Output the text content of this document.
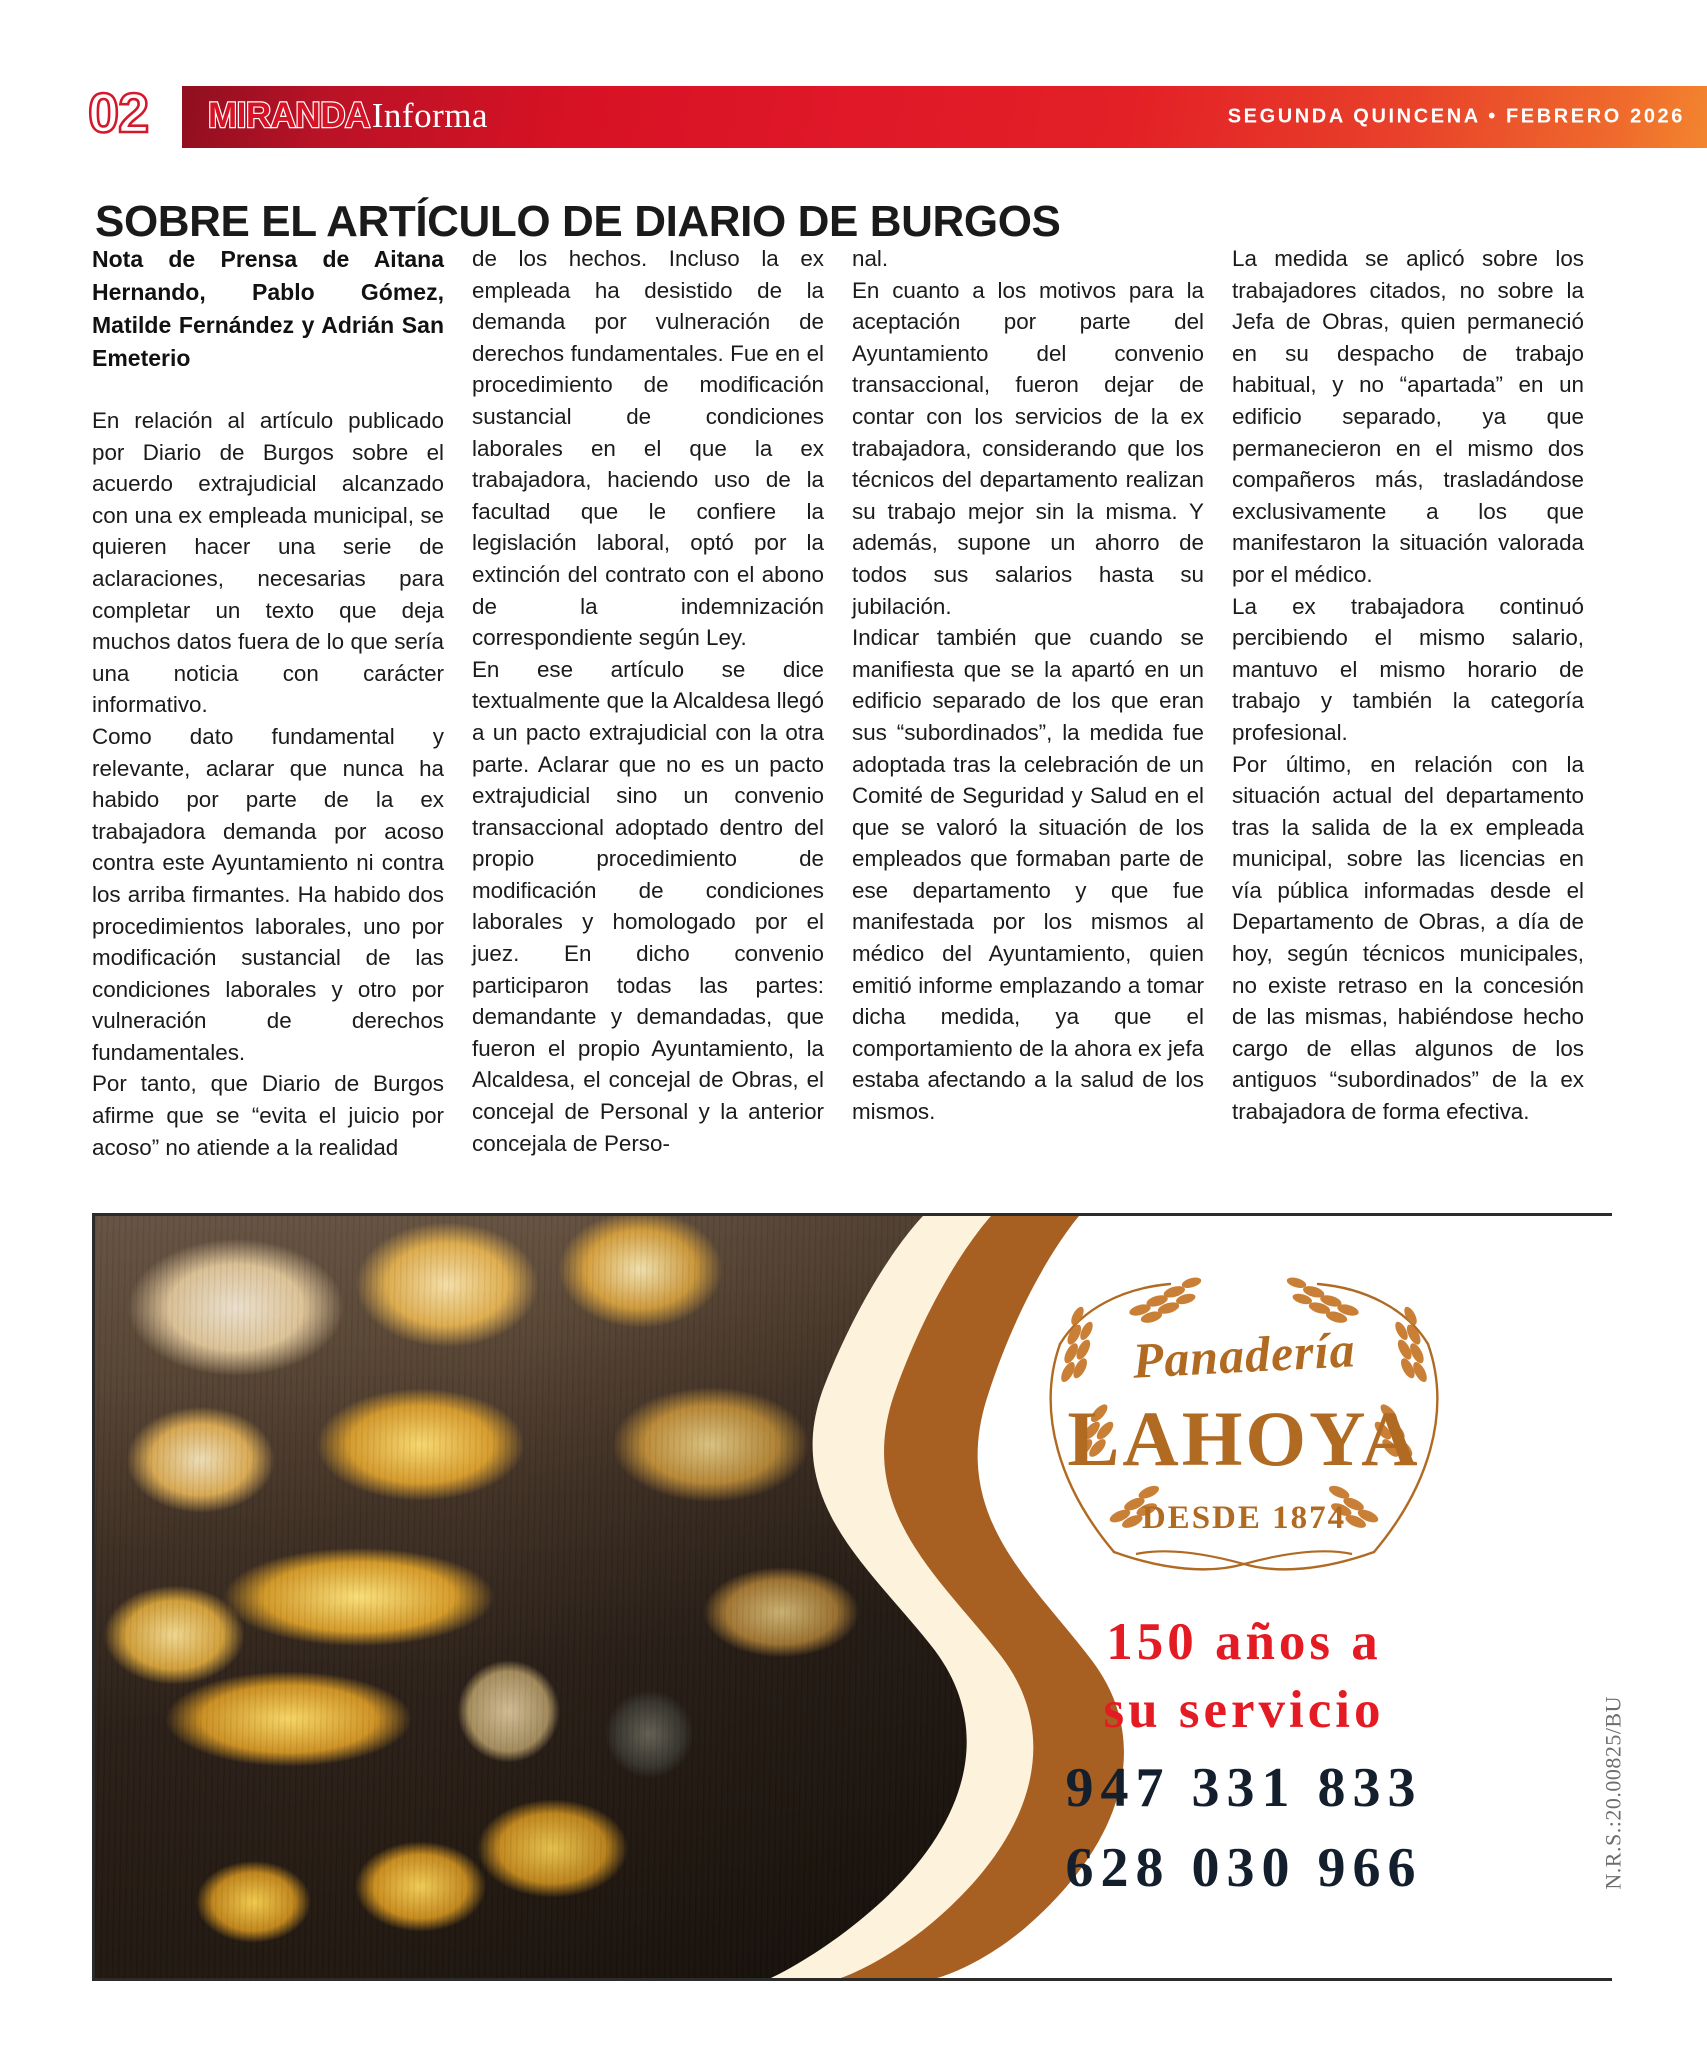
02 MIRANDAInforma	SEGUNDA QUINCENA • FEBRERO 2026
SOBRE EL ARTÍCULO DE DIARIO DE BURGOS

Nota de Prensa de Aitana Hernando, Pablo Gómez, Matilde Fernández y Adrián San Emeterio

En relación al artículo publicado por Diario de Burgos sobre el acuerdo extrajudicial alcanzado con una ex empleada municipal, se quieren hacer una serie de aclaraciones, necesarias para completar un texto que deja muchos datos fuera de lo que sería una noticia con carácter informativo.

Como dato fundamental y relevante, aclarar que nunca ha habido por parte de la ex trabajadora demanda por acoso contra este Ayuntamiento ni contra los arriba firmantes. Ha habido dos procedimientos laborales, uno por modificación sustancial de las condiciones laborales y otro por vulneración de derechos fundamentales.

Por tanto, que Diario de Burgos afirme que se “evita el juicio por acoso” no atiende a la realidad

de los hechos. Incluso la ex empleada ha desistido de la demanda por vulneración de derechos fundamentales. Fue en el procedimiento de modificación sustancial de condiciones laborales en el que la ex trabajadora, haciendo uso de la facultad que le confiere la legislación laboral, optó por la extinción del contrato con el abono de la indemnización correspondiente según Ley.

En ese artículo se dice textualmente que la Alcaldesa llegó a un pacto extrajudicial con la otra parte. Aclarar que no es un pacto extrajudicial sino un convenio transaccional adoptado dentro del propio procedimiento de modificación de condiciones laborales y homologado por el juez. En dicho convenio participaron todas las partes: demandante y demandadas, que fueron el propio Ayuntamiento, la Alcaldesa, el concejal de Obras, el concejal de Personal y la anterior concejala de Perso-

nal.

En cuanto a los motivos para la aceptación por parte del Ayuntamiento del convenio transaccional, fueron dejar de contar con los servicios de la ex trabajadora, considerando que los técnicos del departamento realizan su trabajo mejor sin la misma. Y además, supone un ahorro de todos sus salarios hasta su jubilación.

Indicar también que cuando se manifiesta que se la apartó en un edificio separado de los que eran sus “subordinados”, la medida fue adoptada tras la celebración de un Comité de Seguridad y Salud en el que se valoró la situación de los empleados que formaban parte de ese departamento y que fue manifestada por los mismos al médico del Ayuntamiento, quien emitió informe emplazando a tomar dicha medida, ya que el comportamiento de la ahora ex jefa estaba afectando a la salud de los mismos.

La medida se aplicó sobre los trabajadores citados, no sobre la Jefa de Obras, quien permaneció en su despacho de trabajo habitual, y no “apartada” en un edificio separado, ya que permanecieron en el mismo dos compañeros más, trasladándose exclusivamente a los que manifestaron la situación valorada por el médico.

La ex trabajadora continuó percibiendo el mismo salario, mantuvo el mismo horario de trabajo y también la categoría profesional.

Por último, en relación con la situación actual del departamento tras la salida de la ex empleada municipal, sobre las licencias en vía pública informadas desde el Departamento de Obras, a día de hoy, según técnicos municipales, no existe retraso en la concesión de las mismas, habiéndose hecho cargo de ellas algunos de los antiguos “subordinados” de la ex trabajadora de forma efectiva.

Panadería
LAHOYA
DESDE 1874
150 años a
su servicio
947 331 833
628 030 966	N.R.S.:20.00825/BU
